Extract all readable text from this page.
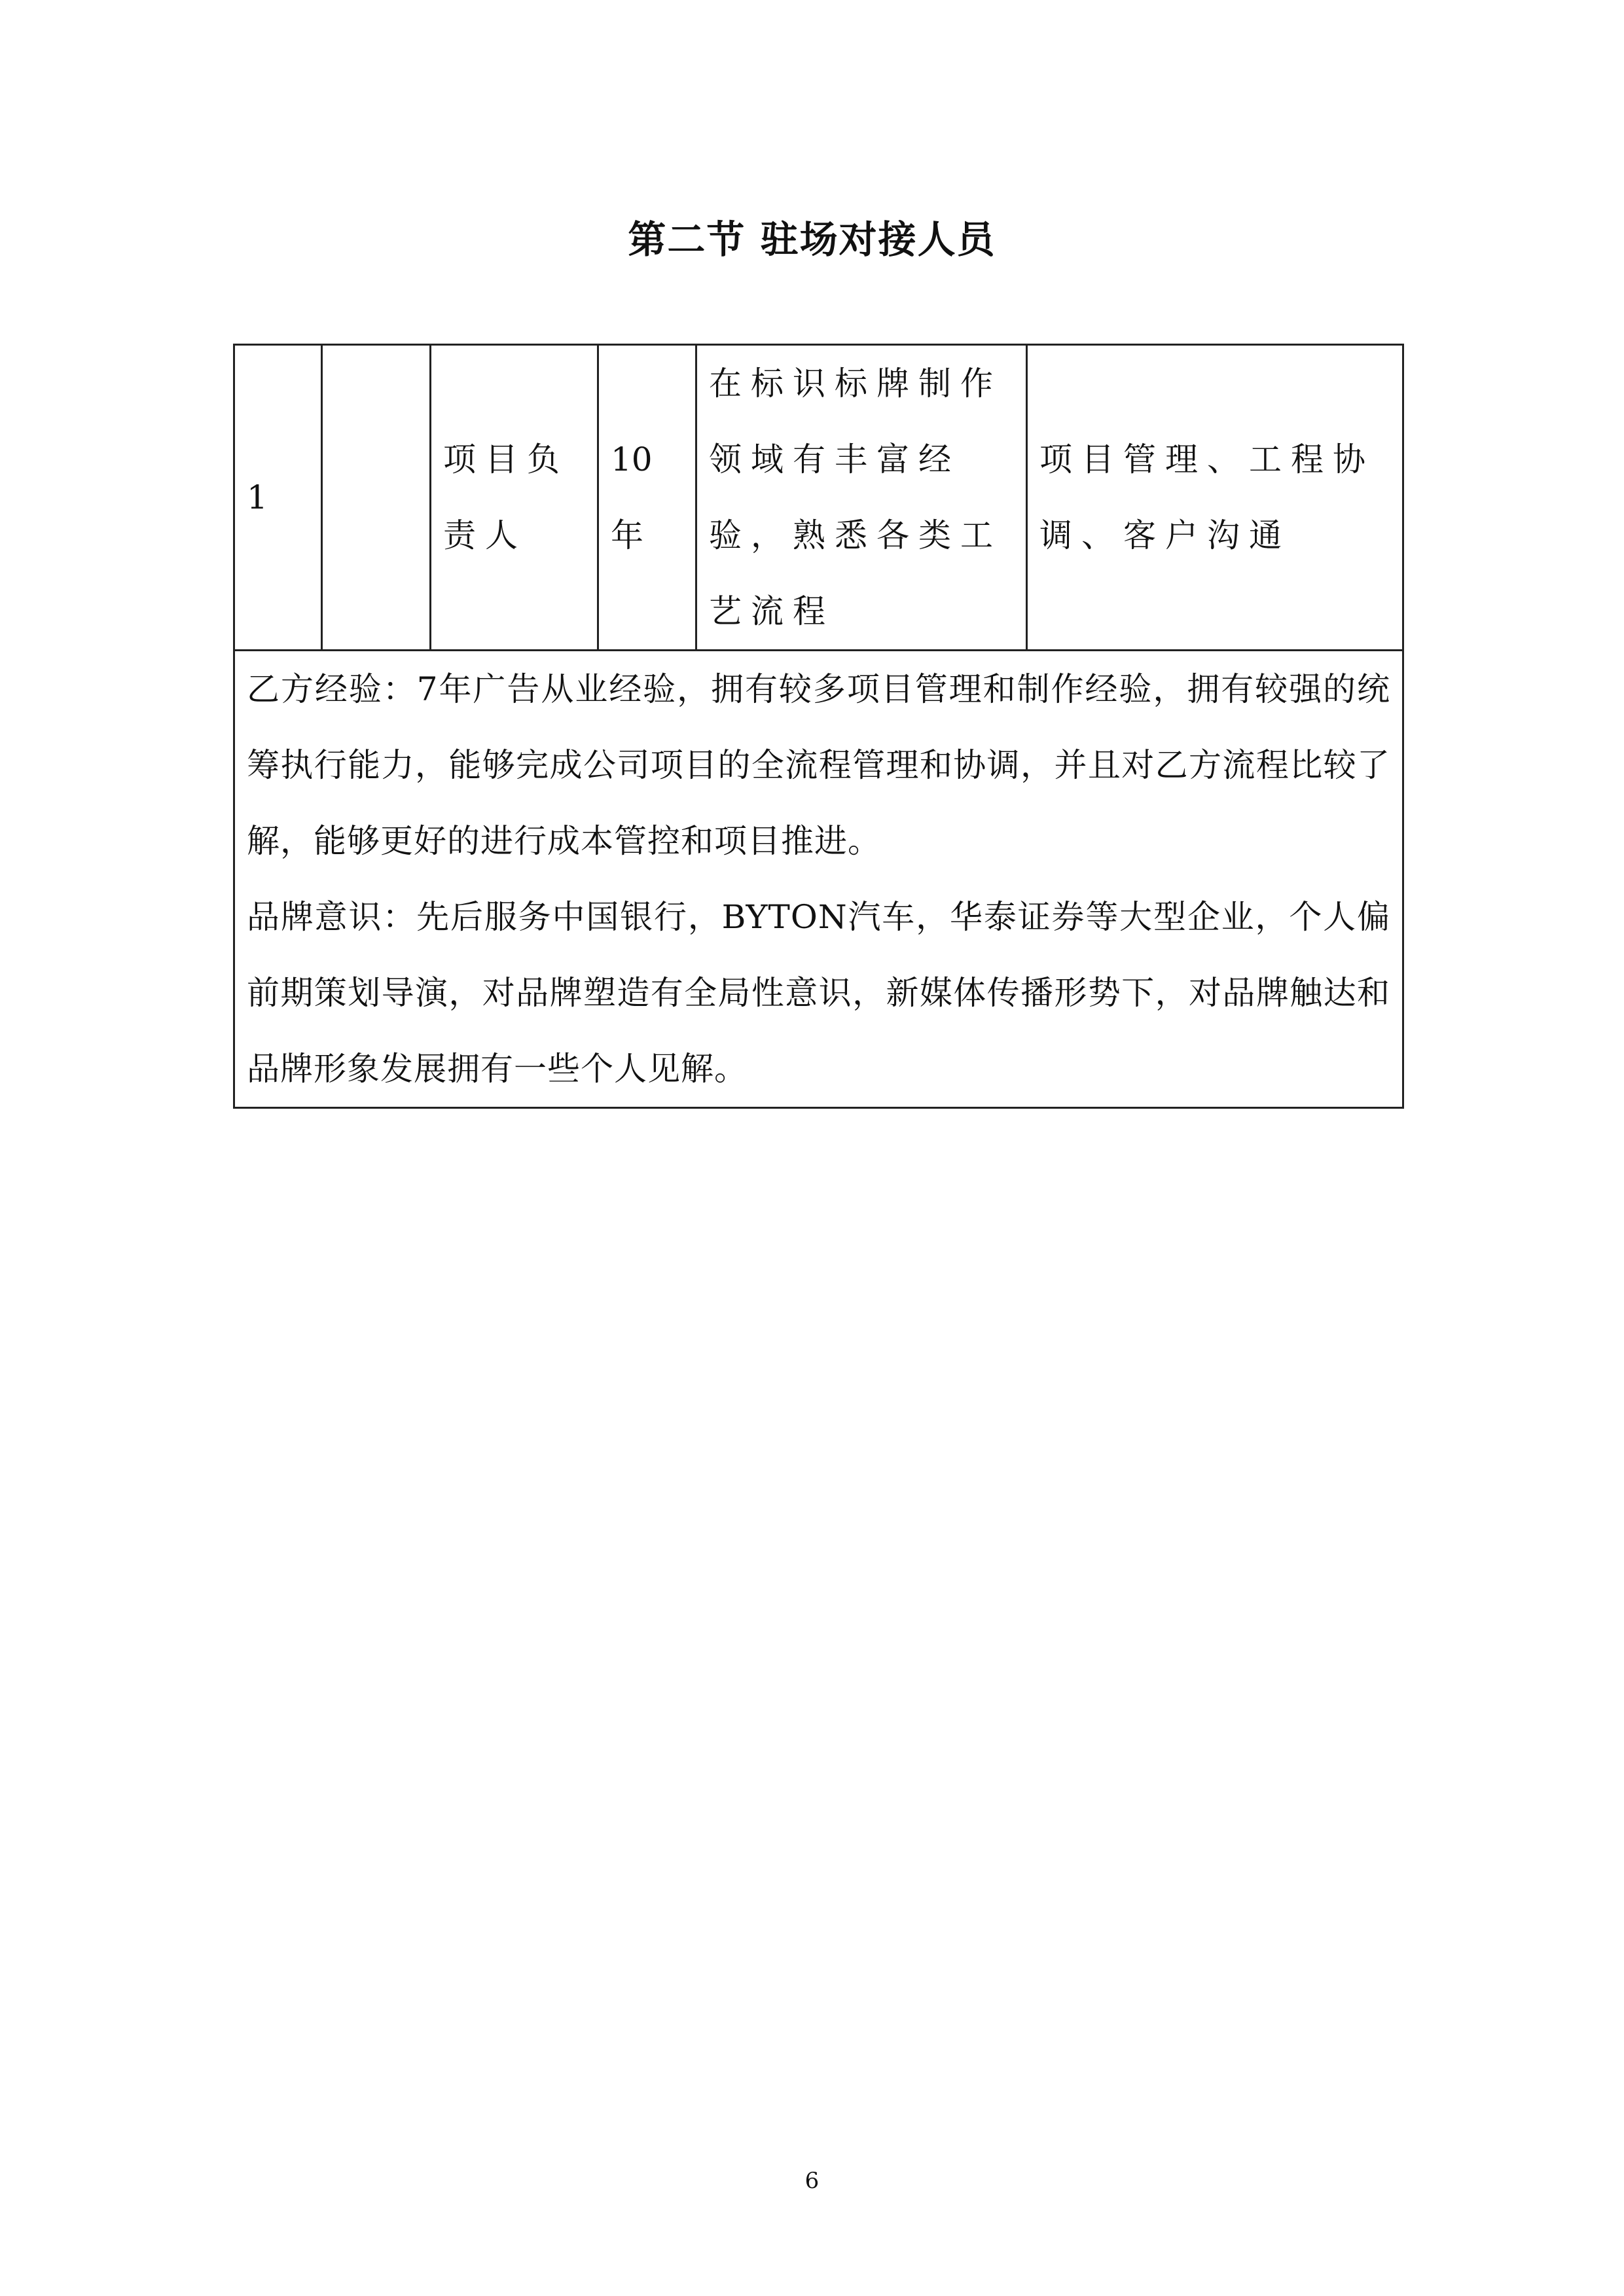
第二节 驻场对接人员
1		项目负责人	10年	在标识标牌制作领域有丰富经验，熟悉各类工艺流程	项目管理、工程协调、客户沟通

乙方经验：7年广告从业经验，拥有较多项目管理和制作经验，拥有较强的统筹执行能力，能够完成公司项目的全流程管理和协调，并且对乙方流程比较了解，能够更好的进行成本管控和项目推进。

品牌意识：先后服务中国银行，BYTON汽车，华泰证券等大型企业，个人偏前期策划导演，对品牌塑造有全局性意识，新媒体传播形势下，对品牌触达和品牌形象发展拥有一些个人见解。

6
